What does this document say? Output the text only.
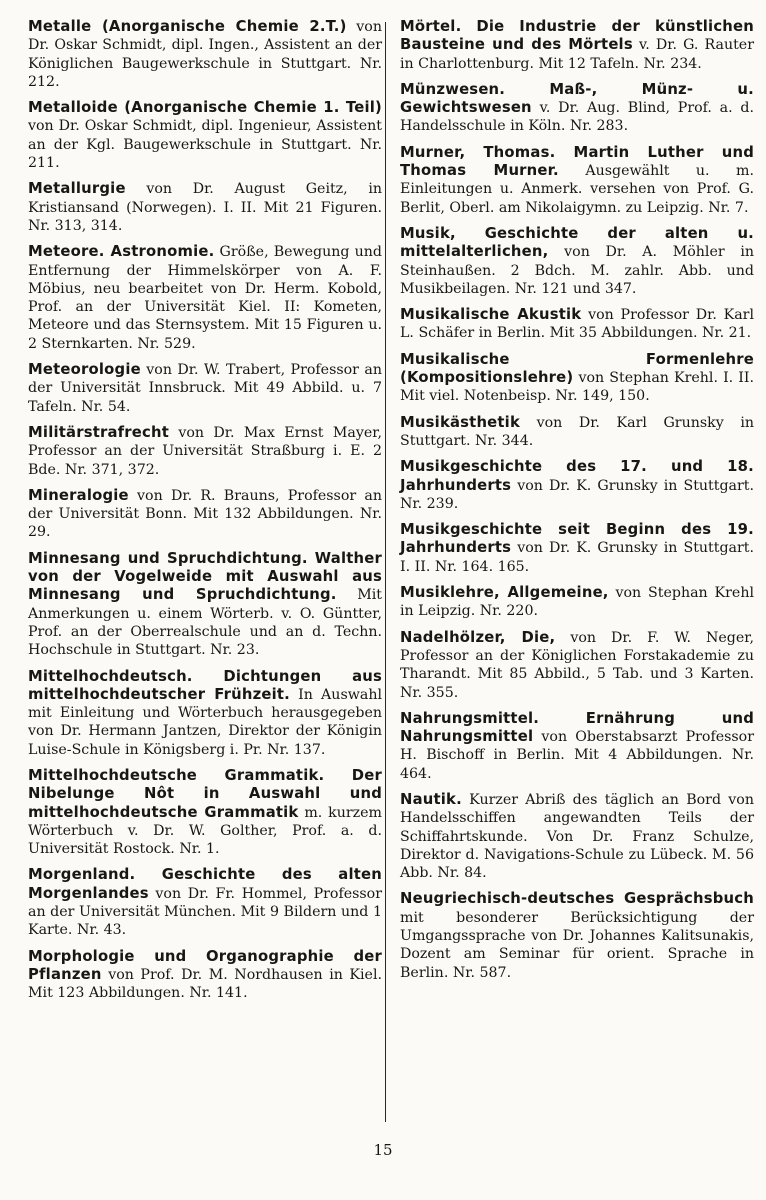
Metalle (Anorganische Chemie 2.T.) von Dr. Oskar Schmidt, dipl. Ingen., Assistent an der Königlichen Baugewerkschule in Stuttgart. Nr. 212.

Metalloide (Anorganische Chemie 1. Teil) von Dr. Oskar Schmidt, dipl. Ingenieur, Assistent an der Kgl. Baugewerkschule in Stuttgart. Nr. 211.

Metallurgie von Dr. August Geitz, in Kristiansand (Norwegen). I. II. Mit 21 Figuren. Nr. 313, 314.

Meteore. Astronomie. Größe, Bewegung und Entfernung der Himmelskörper von A. F. Möbius, neu bearbeitet von Dr. Herm. Kobold, Prof. an der Universität Kiel. II: Kometen, Meteore und das Sternsystem. Mit 15 Figuren u. 2 Sternkarten. Nr. 529.

Meteorologie von Dr. W. Trabert, Professor an der Universität Innsbruck. Mit 49 Abbild. u. 7 Tafeln. Nr. 54.

Militärstrafrecht von Dr. Max Ernst Mayer, Professor an der Universität Straßburg i. E. 2 Bde. Nr. 371, 372.

Mineralogie von Dr. R. Brauns, Professor an der Universität Bonn. Mit 132 Abbildungen. Nr. 29.

Minnesang und Spruchdichtung. Walther von der Vogelweide mit Auswahl aus Minnesang und Spruchdichtung. Mit Anmerkungen u. einem Wörterb. v. O. Güntter, Prof. an der Oberrealschule und an d. Techn. Hochschule in Stuttgart. Nr. 23.

Mittelhochdeutsch. Dichtungen aus mittelhochdeutscher Frühzeit. In Auswahl mit Einleitung und Wörterbuch herausgegeben von Dr. Hermann Jantzen, Direktor der Königin Luise-Schule in Königsberg i. Pr. Nr. 137.

Mittelhochdeutsche Grammatik. Der Nibelunge Nôt in Auswahl und mittelhochdeutsche Grammatik m. kurzem Wörterbuch v. Dr. W. Golther, Prof. a. d. Universität Rostock. Nr. 1.

Morgenland. Geschichte des alten Morgenlandes von Dr. Fr. Hommel, Professor an der Universität München. Mit 9 Bildern und 1 Karte. Nr. 43.

Morphologie und Organographie der Pflanzen von Prof. Dr. M. Nordhausen in Kiel. Mit 123 Abbildungen. Nr. 141.

Mörtel. Die Industrie der künstlichen Bausteine und des Mörtels v. Dr. G. Rauter in Charlottenburg. Mit 12 Tafeln. Nr. 234.

Münzwesen. Maß-, Münz- u. Gewichtswesen v. Dr. Aug. Blind, Prof. a. d. Handelsschule in Köln. Nr. 283.

Murner, Thomas. Martin Luther und Thomas Murner. Ausgewählt u. m. Einleitungen u. Anmerk. versehen von Prof. G. Berlit, Oberl. am Nikolaigymn. zu Leipzig. Nr. 7.

Musik, Geschichte der alten u. mittelalterlichen, von Dr. A. Möhler in Steinhaußen. 2 Bdch. M. zahlr. Abb. und Musikbeilagen. Nr. 121 und 347.

Musikalische Akustik von Professor Dr. Karl L. Schäfer in Berlin. Mit 35 Abbildungen. Nr. 21.

Musikalische Formenlehre (Kompositionslehre) von Stephan Krehl. I. II. Mit viel. Notenbeisp. Nr. 149, 150.

Musikästhetik von Dr. Karl Grunsky in Stuttgart. Nr. 344.

Musikgeschichte des 17. und 18. Jahrhunderts von Dr. K. Grunsky in Stuttgart. Nr. 239.

Musikgeschichte seit Beginn des 19. Jahrhunderts von Dr. K. Grunsky in Stuttgart. I. II. Nr. 164. 165.

Musiklehre, Allgemeine, von Stephan Krehl in Leipzig. Nr. 220.

Nadelhölzer, Die, von Dr. F. W. Neger, Professor an der Königlichen Forstakademie zu Tharandt. Mit 85 Abbild., 5 Tab. und 3 Karten. Nr. 355.

Nahrungsmittel. Ernährung und Nahrungsmittel von Oberstabsarzt Professor H. Bischoff in Berlin. Mit 4 Abbildungen. Nr. 464.

Nautik. Kurzer Abriß des täglich an Bord von Handelsschiffen angewandten Teils der Schiffahrtskunde. Von Dr. Franz Schulze, Direktor d. Navigations-Schule zu Lübeck. M. 56 Abb. Nr. 84.

Neugriechisch-deutsches Gesprächsbuch mit besonderer Berücksichtigung der Umgangssprache von Dr. Johannes Kalitsunakis, Dozent am Seminar für orient. Sprache in Berlin. Nr. 587.

15
